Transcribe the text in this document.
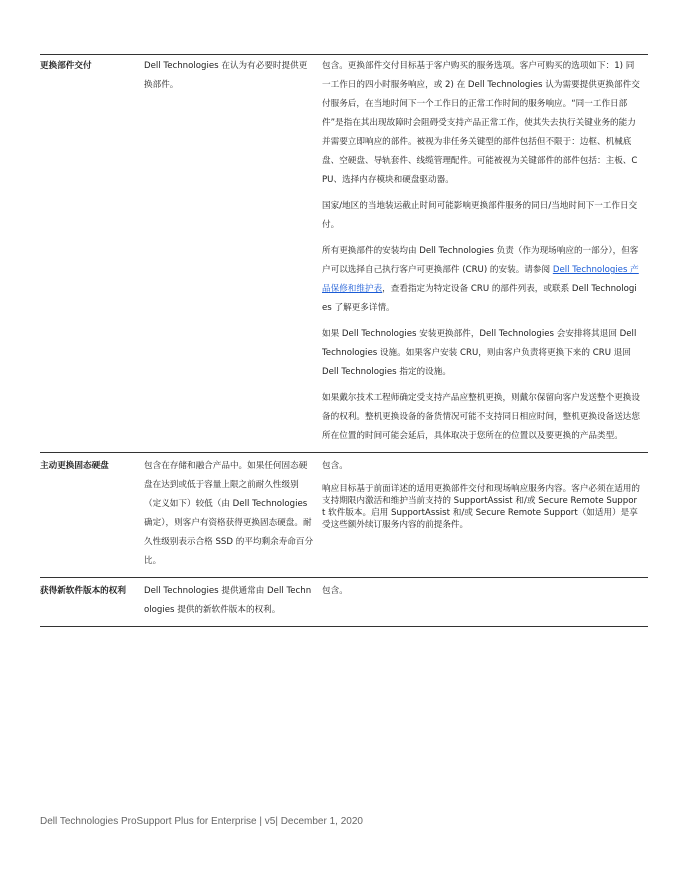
更换部件交付	Dell Technologies 在认为有必要时提供更换部件。	包含。更换部件交付目标基于客户购买的服务选项。客户可购买的选项如下：1) 同一工作日的四小时服务响应，或 2) 在 Dell Technologies 认为需要提供更换部件交付服务后，在当地时间下一个工作日的正常工作时间的服务响应。“同一工作日部件”是指在其出现故障时会阻碍受支持产品正常工作，使其失去执行关键业务的能力并需要立即响应的部件。被视为非任务关键型的部件包括但不限于：边框、机械底盘、空硬盘、导轨套件、线缆管理配件。可能被视为关键部件的部件包括：主板、CPU、选择内存模块和硬盘驱动器。

国家/地区的当地装运截止时间可能影响更换部件服务的同日/当地时间下一工作日交付。

所有更换部件的安装均由 Dell Technologies 负责（作为现场响应的一部分），但客户可以选择自己执行客户可更换部件 (CRU) 的安装。请参阅 Dell Technologies 产品保修和维护表，查看指定为特定设备 CRU 的部件列表，或联系 Dell Technologies 了解更多详情。

如果 Dell Technologies 安装更换部件，Dell Technologies 会安排将其退回 Dell Technologies 设施。如果客户安装 CRU，则由客户负责将更换下来的 CRU 退回 Dell Technologies 指定的设施。

如果戴尔技术工程师确定受支持产品应整机更换，则戴尔保留向客户发送整个更换设备的权利。整机更换设备的备货情况可能不支持同日相应时间，整机更换设备送达您所在位置的时间可能会延后，具体取决于您所在的位置以及要更换的产品类型。

主动更换固态硬盘	包含在存储和融合产品中。如果任何固态硬盘在达到或低于容量上限之前耐久性级别（定义如下）较低（由 Dell Technologies 确定），则客户有资格获得更换固态硬盘。耐久性级别表示合格 SSD 的平均剩余寿命百分比。	包含。

响应目标基于前面详述的适用更换部件交付和现场响应服务内容。客户必须在适用的支持期限内激活和维护当前支持的 SupportAssist 和/或 Secure Remote Support 软件版本。启用 SupportAssist 和/或 Secure Remote Support（如适用）是享受这些额外续订服务内容的前提条件。

获得新软件版本的权利	Dell Technologies 提供通常由 Dell Technologies 提供的新软件版本的权利。	包含。

Dell Technologies ProSupport Plus for Enterprise | v5| December 1, 2020
